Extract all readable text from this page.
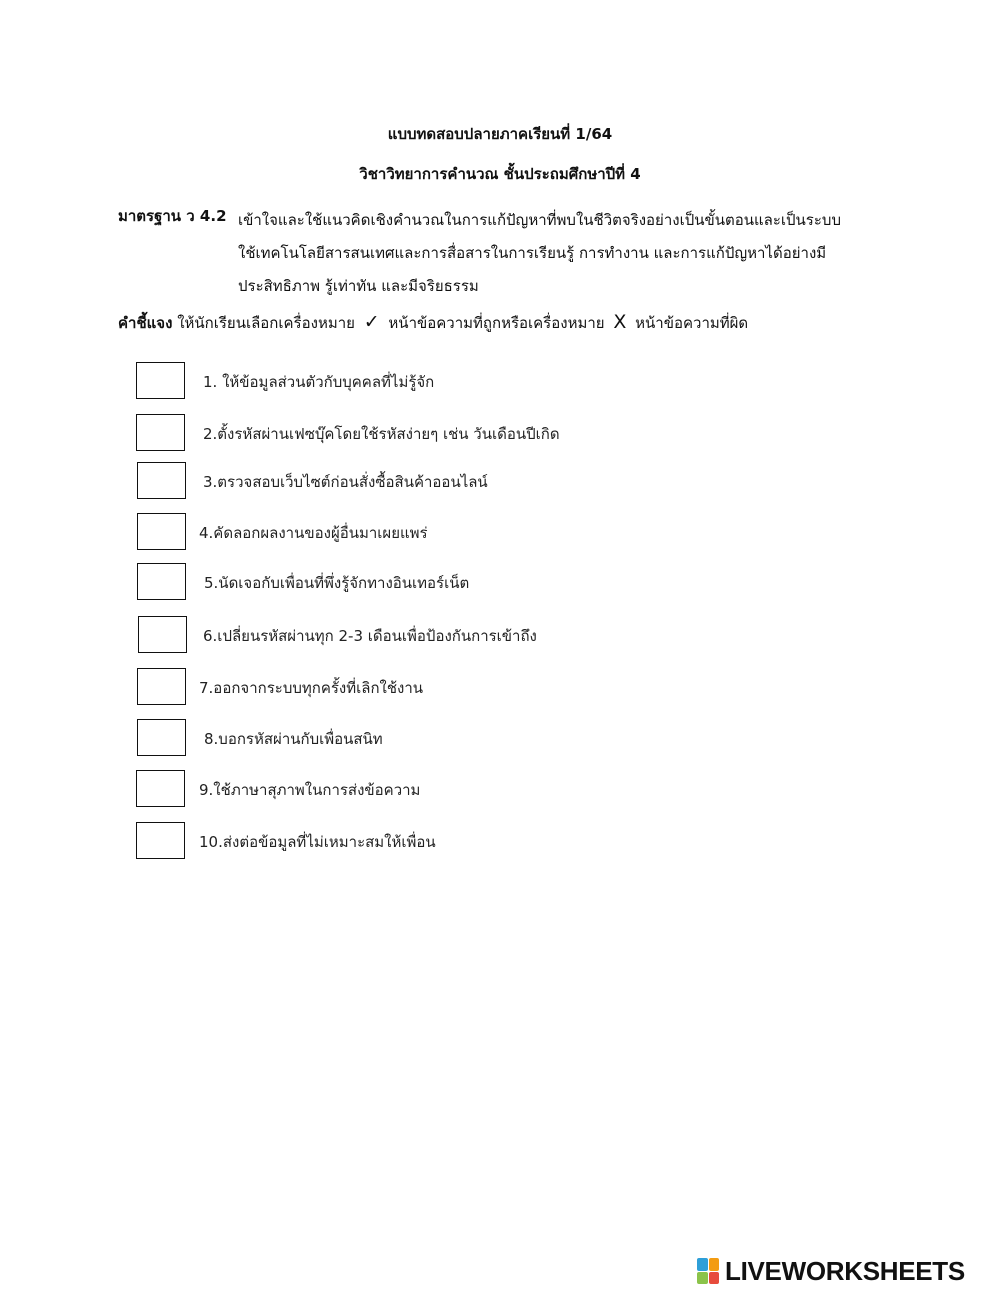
แบบทดสอบปลายภาคเรียนที่ 1/64
วิชาวิทยาการคำนวณ ชั้นประถมศึกษาปีที่ 4
มาตรฐาน ว 4.2 เข้าใจและใช้แนวคิดเชิงคำนวณในการแก้ปัญหาที่พบในชีวิตจริงอย่างเป็นขั้นตอนและเป็นระบบ
ใช้เทคโนโลยีสารสนเทศและการสื่อสารในการเรียนรู้ การทำงาน และการแก้ปัญหาได้อย่างมี
ประสิทธิภาพ รู้เท่าทัน และมีจริยธรรม
คำชี้แจง ให้นักเรียนเลือกเครื่องหมาย ✓ หน้าข้อความที่ถูกหรือเครื่องหมาย X หน้าข้อความที่ผิด
1. ให้ข้อมูลส่วนตัวกับบุคคลที่ไม่รู้จัก
2.ตั้งรหัสผ่านเฟซบุ๊คโดยใช้รหัสง่ายๆ เช่น วันเดือนปีเกิด
3.ตรวจสอบเว็บไซต์ก่อนสั่งซื้อสินค้าออนไลน์
4.คัดลอกผลงานของผู้อื่นมาเผยแพร่
5.นัดเจอกับเพื่อนที่พึ่งรู้จักทางอินเทอร์เน็ต
6.เปลี่ยนรหัสผ่านทุก 2-3 เดือนเพื่อป้องกันการเข้าถึง
7.ออกจากระบบทุกครั้งที่เลิกใช้งาน
8.บอกรหัสผ่านกับเพื่อนสนิท
9.ใช้ภาษาสุภาพในการส่งข้อความ
10.ส่งต่อข้อมูลที่ไม่เหมาะสมให้เพื่อน
LIVEWORKSHEETS
